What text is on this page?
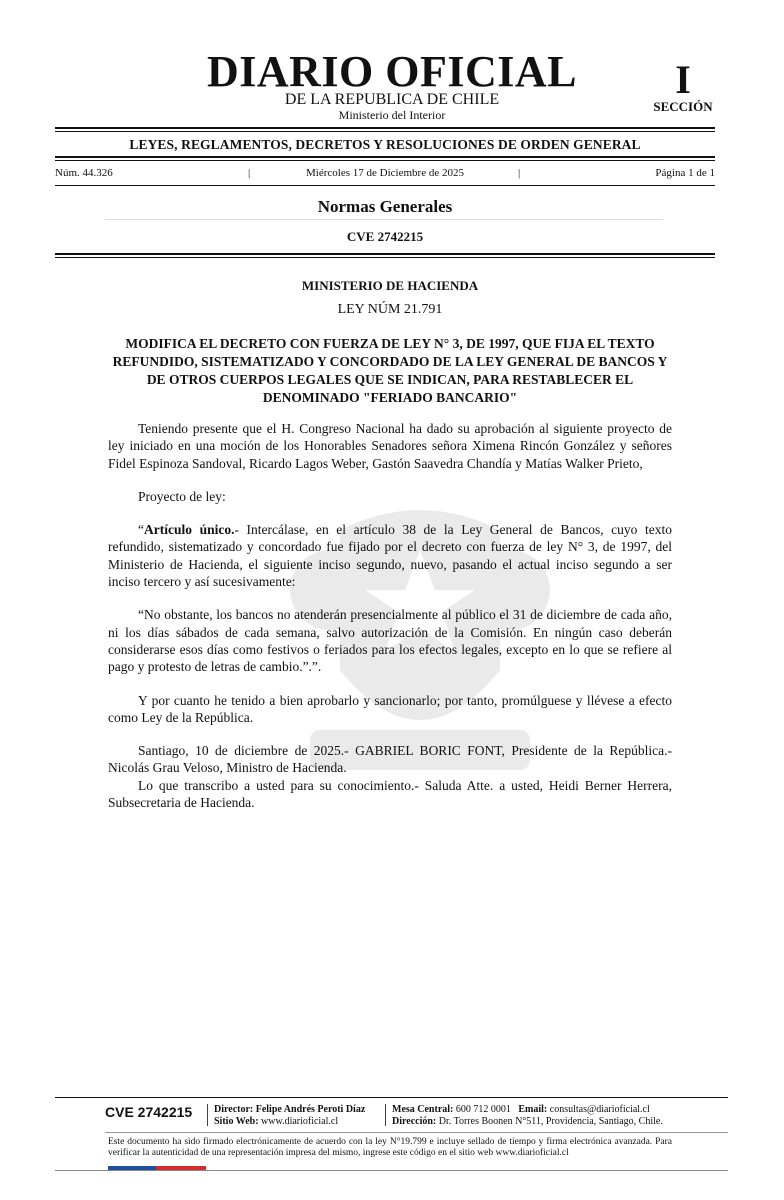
DIARIO OFICIAL
DE LA REPUBLICA DE CHILE
Ministerio del Interior
I
SECCIÓN
LEYES, REGLAMENTOS, DECRETOS Y RESOLUCIONES DE ORDEN GENERAL
Núm. 44.326	|	Miércoles 17 de Diciembre de 2025	|	Página 1 de 1
Normas Generales
CVE 2742215
MINISTERIO DE HACIENDA
LEY NÚM 21.791
MODIFICA EL DECRETO CON FUERZA DE LEY N° 3, DE 1997, QUE FIJA EL TEXTO REFUNDIDO, SISTEMATIZADO Y CONCORDADO DE LA LEY GENERAL DE BANCOS Y DE OTROS CUERPOS LEGALES QUE SE INDICAN, PARA RESTABLECER EL DENOMINADO "FERIADO BANCARIO"

Teniendo presente que el H. Congreso Nacional ha dado su aprobación al siguiente proyecto de ley iniciado en una moción de los Honorables Senadores señora Ximena Rincón González y señores Fidel Espinoza Sandoval, Ricardo Lagos Weber, Gastón Saavedra Chandía y Matías Walker Prieto,

Proyecto de ley:

“Artículo único.- Intercálase, en el artículo 38 de la Ley General de Bancos, cuyo texto refundido, sistematizado y concordado fue fijado por el decreto con fuerza de ley N° 3, de 1997, del Ministerio de Hacienda, el siguiente inciso segundo, nuevo, pasando el actual inciso segundo a ser inciso tercero y así sucesivamente:

“No obstante, los bancos no atenderán presencialmente al público el 31 de diciembre de cada año, ni los días sábados de cada semana, salvo autorización de la Comisión. En ningún caso deberán considerarse esos días como festivos o feriados para los efectos legales, excepto en lo que se refiere al pago y protesto de letras de cambio.”.”.

Y por cuanto he tenido a bien aprobarlo y sancionarlo; por tanto, promúlguese y llévese a efecto como Ley de la República.

Santiago, 10 de diciembre de 2025.- GABRIEL BORIC FONT, Presidente de la República.- Nicolás Grau Veloso, Ministro de Hacienda.

Lo que transcribo a usted para su conocimiento.- Saluda Atte. a usted, Heidi Berner Herrera, Subsecretaria de Hacienda.

CVE 2742215 Director: Felipe Andrés Peroti Díaz
Sitio Web: www.diarioficial.cl
Mesa Central: 600 712 0001 Email: consultas@diarioficial.cl
Dirección: Dr. Torres Boonen N°511, Providencia, Santiago, Chile.
Este documento ha sido firmado electrónicamente de acuerdo con la ley N°19.799 e incluye sellado de tiempo y firma electrónica avanzada. Para verificar la autenticidad de una representación impresa del mismo, ingrese este código en el sitio web www.diarioficial.cl
